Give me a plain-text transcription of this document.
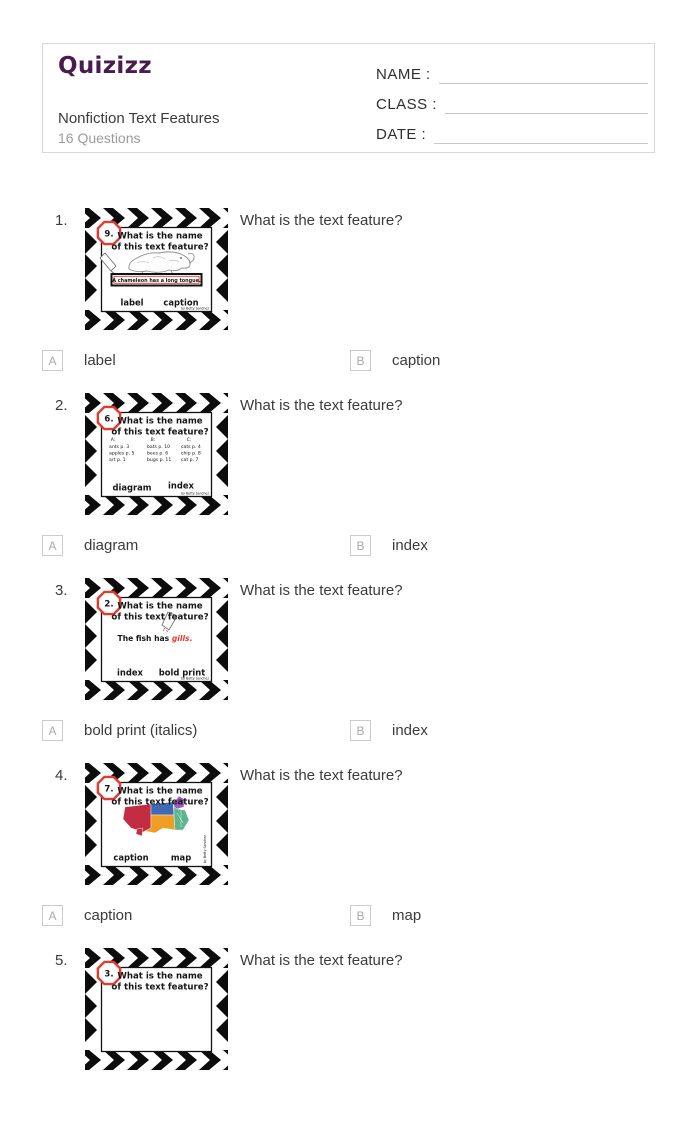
Quizizz
Nonfiction Text Features
16 Questions
NAME :
CLASS :
DATE :
1.	What is the text feature?
A chameleon has a long tongue.
9. What is the name
of this text feature?
label caption
by Betty Sanchez
A	label	B	caption
2.	What is the text feature?
A:
ants p. 3
apples p. 5
art p. 1
B:
bats p. 10
bees p. 6
bugs p. 11
C:
cats p. 4
chip p. 8
cat p. 7
6. What is the name
of this text feature?
diagram index
by Betty Sanchez
A	diagram	B	index
3.	What is the text feature?
The fish has gills.
2. What is the name
of this text feature?
index bold print
by Betty Sanchez
A	bold print (italics)	B	index
4.	What is the text feature?
7. What is the name
of this text feature?
caption	map	by Betty Sanchez
A	caption	B	map
5.	What is the text feature?
3. What is the name
of this text feature?
